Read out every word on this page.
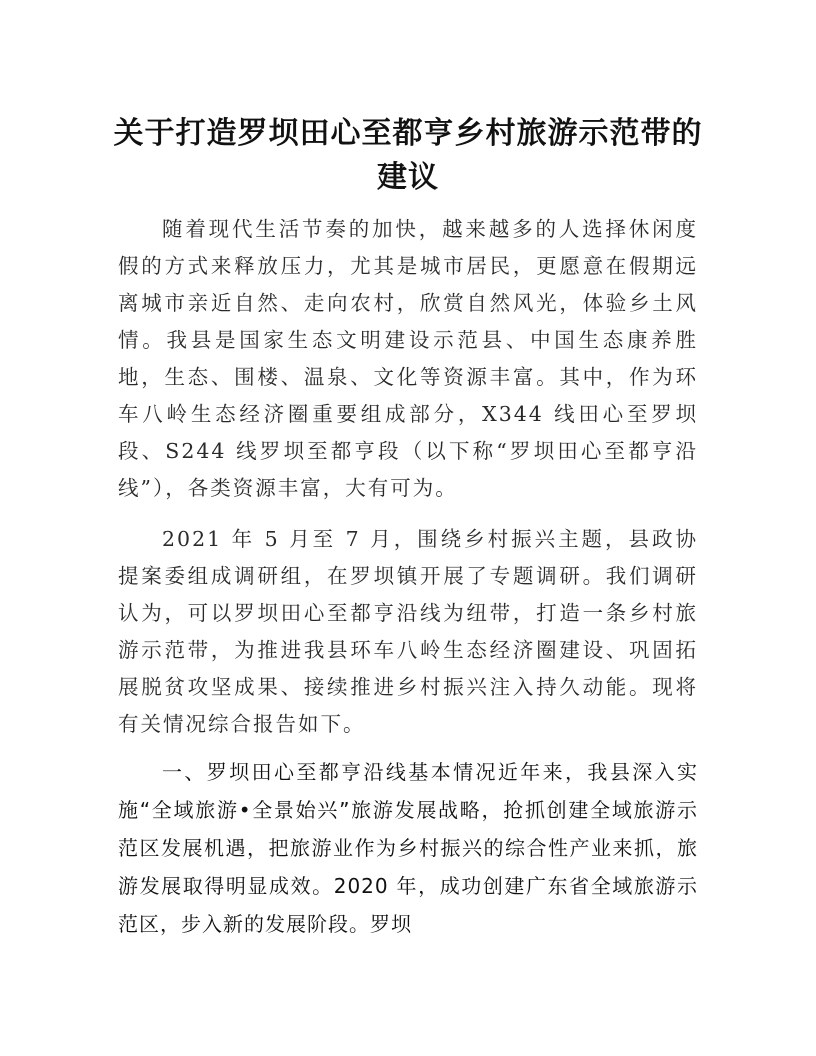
关于打造罗坝田心至都亨乡村旅游示范带的建议

随着现代生活节奏的加快，越来越多的人选择休闲度假的方式来释放压力，尤其是城市居民，更愿意在假期远离城市亲近自然、走向农村，欣赏自然风光，体验乡土风情。我县是国家生态文明建设示范县、中国生态康养胜地，生态、围楼、温泉、文化等资源丰富。其中，作为环车八岭生态经济圈重要组成部分，X344 线田心至罗坝段、S244 线罗坝至都亨段（以下称“罗坝田心至都亨沿线”），各类资源丰富，大有可为。

2021 年 5 月至 7 月，围绕乡村振兴主题，县政协提案委组成调研组，在罗坝镇开展了专题调研。我们调研认为，可以罗坝田心至都亨沿线为纽带，打造一条乡村旅游示范带，为推进我县环车八岭生态经济圈建设、巩固拓展脱贫攻坚成果、接续推进乡村振兴注入持久动能。现将有关情况综合报告如下。

一、罗坝田心至都亨沿线基本情况近年来，我县深入实施“全域旅游•全景始兴”旅游发展战略，抢抓创建全域旅游示范区发展机遇，把旅游业作为乡村振兴的综合性产业来抓，旅游发展取得明显成效。2020 年，成功创建广东省全域旅游示范区，步入新的发展阶段。罗坝
